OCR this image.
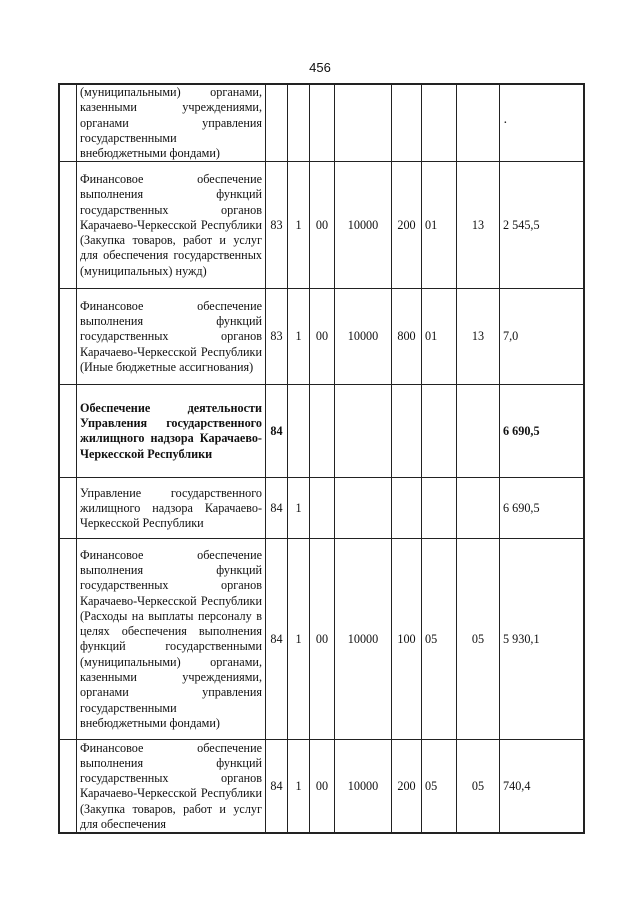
456

	(муниципальными) органами, казенными учреждениями, органами управления государственными внебюджетными фондами)								·

	Финансовое обеспечение выполнения функций государственных органов Карачаево-Черкесской Республики (Закупка товаров, работ и услуг для обеспечения государственных (муниципальных) нужд)	83	1	00	10000	200	01	13	2 545,5

	Финансовое обеспечение выполнения функций государственных органов Карачаево-Черкесской Республики (Иные бюджетные ассигнования)	83	1	00	10000	800	01	13	7,0

	Обеспечение деятельности Управления государственного жилищного надзора Карачаево-Черкесской Республики	84							6 690,5

	Управление государственного жилищного надзора Карачаево-Черкесской Республики	84	1						6 690,5

	Финансовое обеспечение выполнения функций государственных органов Карачаево-Черкесской Республики (Расходы на выплаты персоналу в целях обеспечения выполнения функций государственными (муниципальными) органами, казенными учреждениями, органами управления государственными внебюджетными фондами)	84	1	00	10000	100	05	05	5 930,1

	Финансовое обеспечение выполнения функций государственных органов Карачаево-Черкесской Республики (Закупка товаров, работ и услуг для обеспечения	84	1	00	10000	200	05	05	740,4
